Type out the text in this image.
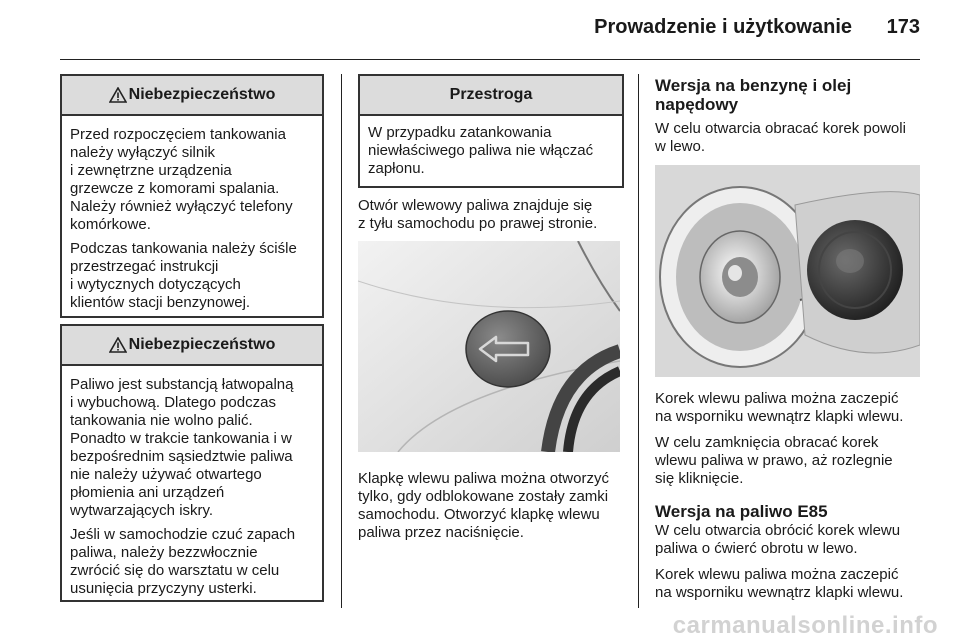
Prowadzenie i użytkowanie 173
Niebezpieczeństwo

Przed rozpoczęciem tankowania
należy wyłączyć silnik
i zewnętrzne urządzenia
grzewcze z komorami spalania.
Należy również wyłączyć telefony
komórkowe.

Podczas tankowania należy ściśle
przestrzegać instrukcji
i wytycznych dotyczących
klientów stacji benzynowej.

Niebezpieczeństwo

Paliwo jest substancją łatwopalną
i wybuchową. Dlatego podczas
tankowania nie wolno palić.
Ponadto w trakcie tankowania i w
bezpośrednim sąsiedztwie paliwa
nie należy używać otwartego
płomienia ani urządzeń
wytwarzających iskry.

Jeśli w samochodzie czuć zapach
paliwa, należy bezzwłocznie
zwrócić się do warsztatu w celu
usunięcia przyczyny usterki.

Przestroga

W przypadku zatankowania
niewłaściwego paliwa nie włączać
zapłonu.

Otwór wlewowy paliwa znajduje się
z tyłu samochodu po prawej stronie.

Klapkę wlewu paliwa można otworzyć
tylko, gdy odblokowane zostały zamki
samochodu. Otworzyć klapkę wlewu
paliwa przez naciśnięcie.

Wersja na benzynę i olej
napędowy

W celu otwarcia obracać korek powoli
w lewo.

Korek wlewu paliwa można zaczepić
na wsporniku wewnątrz klapki wlewu.

W celu zamknięcia obracać korek
wlewu paliwa w prawo, aż rozlegnie
się kliknięcie.

Wersja na paliwo E85

W celu otwarcia obrócić korek wlewu
paliwa o ćwierć obrotu w lewo.

Korek wlewu paliwa można zaczepić
na wsporniku wewnątrz klapki wlewu.

carmanualsonline.info
